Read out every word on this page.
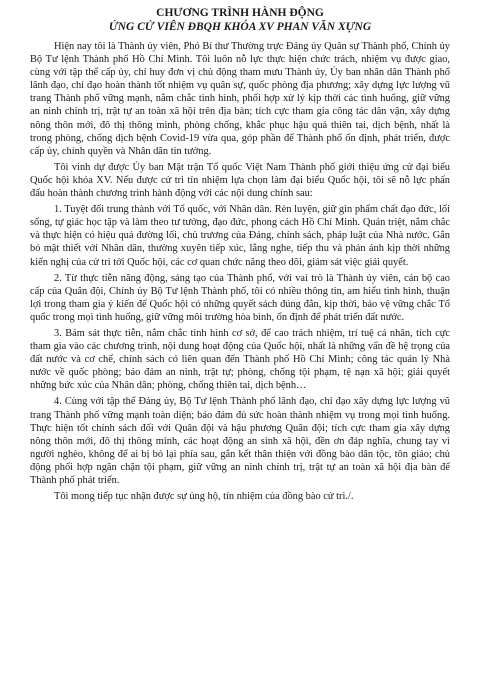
CHƯƠNG TRÌNH HÀNH ĐỘNG
ỨNG CỬ VIÊN ĐBQH KHÓA XV PHAN VĂN XỰNG

Hiện nay tôi là Thành ủy viên, Phó Bí thư Thường trực Đảng ủy Quân sự Thành phố, Chính ủy Bộ Tư lệnh Thành phố Hồ Chí Minh. Tôi luôn nỗ lực thực hiện chức trách, nhiệm vụ được giao, cùng với tập thể cấp ủy, chỉ huy đơn vị chủ động tham mưu Thành ủy, Ủy ban nhân dân Thành phố lãnh đạo, chỉ đạo hoàn thành tốt nhiệm vụ quân sự, quốc phòng địa phương; xây dựng lực lượng vũ trang Thành phố vững mạnh, nắm chắc tình hình, phối hợp xử lý kịp thời các tình huống, giữ vững an ninh chính trị, trật tự an toàn xã hội trên địa bàn; tích cực tham gia công tác dân vận, xây dựng nông thôn mới, đô thị thông minh, phòng chống, khắc phục hậu quả thiên tai, dịch bệnh, nhất là trong phòng, chống dịch bệnh Covid-19 vừa qua, góp phần để Thành phố ổn định, phát triển, được cấp ủy, chính quyền và Nhân dân tin tưởng.

Tôi vinh dự được Ủy ban Mặt trận Tổ quốc Việt Nam Thành phố giới thiệu ứng cử đại biểu Quốc hội khóa XV. Nếu được cử tri tín nhiệm lựa chọn làm đại biểu Quốc hội, tôi sẽ nỗ lực phấn đấu hoàn thành chương trình hành động với các nội dung chính sau:

1. Tuyệt đối trung thành với Tổ quốc, với Nhân dân. Rèn luyện, giữ gìn phẩm chất đạo đức, lối sống, tự giác học tập và làm theo tư tưởng, đạo đức, phong cách Hồ Chí Minh. Quán triệt, nắm chắc và thực hiện có hiệu quả đường lối, chủ trương của Đảng, chính sách, pháp luật của Nhà nước. Gắn bó mật thiết với Nhân dân, thường xuyên tiếp xúc, lắng nghe, tiếp thu và phản ánh kịp thời những kiến nghị của cử tri tới Quốc hội, các cơ quan chức năng theo dõi, giám sát việc giải quyết.

2. Từ thực tiễn năng động, sáng tạo của Thành phố, với vai trò là Thành ủy viên, cán bộ cao cấp của Quân đội, Chính ủy Bộ Tư lệnh Thành phố, tôi có nhiều thông tin, am hiểu tình hình, thuận lợi trong tham gia ý kiến để Quốc hội có những quyết sách đúng đắn, kịp thời, bảo vệ vững chắc Tổ quốc trong mọi tình huống, giữ vững môi trường hòa bình, ổn định để phát triển đất nước.

3. Bám sát thực tiễn, nắm chắc tình hình cơ sở, để cao trách nhiệm, trí tuệ cá nhân, tích cực tham gia vào các chương trình, nội dung hoạt động của Quốc hội, nhất là những vấn đề hệ trọng của đất nước và cơ chế, chính sách có liên quan đến Thành phố Hồ Chí Minh; công tác quản lý Nhà nước về quốc phòng; bảo đảm an ninh, trật tự; phòng, chống tội phạm, tệ nạn xã hội; giải quyết những bức xúc của Nhân dân; phòng, chống thiên tai, dịch bệnh…

4. Cùng với tập thể Đảng ủy, Bộ Tư lệnh Thành phố lãnh đạo, chỉ đạo xây dựng lực lượng vũ trang Thành phố vững mạnh toàn diện; bảo đảm đủ sức hoàn thành nhiệm vụ trong mọi tình huống. Thực hiện tốt chính sách đối với Quân đội và hậu phương Quân đội; tích cực tham gia xây dựng nông thôn mới, đô thị thông minh, các hoạt động an sinh xã hội, đền ơn đáp nghĩa, chung tay vì người nghèo, không để ai bị bỏ lại phía sau, gắn kết thân thiện với đồng bào dân tộc, tôn giáo; chủ động phối hợp ngăn chặn tội phạm, giữ vững an ninh chính trị, trật tự an toàn xã hội địa bàn để Thành phố phát triển.

Tôi mong tiếp tục nhận được sự ủng hộ, tín nhiệm của đồng bào cử tri./.
